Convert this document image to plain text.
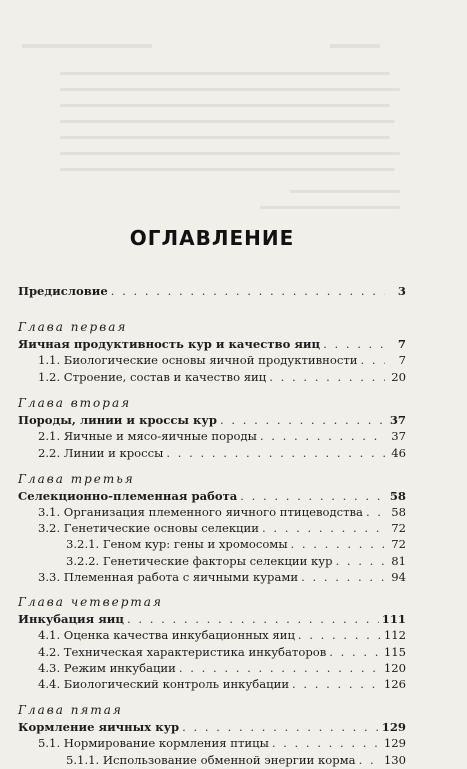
ОГЛАВЛЕНИЕ
Предисловие . . .	3
Глава первая
Яичная продуктивность кур и качество яиц . . .	7
1.1. Биологические основы яичной продуктивности . . .	7
1.2. Строение, состав и качество яиц . . .	20
Глава вторая
Породы, линии и кроссы кур . . .	37
2.1. Яичные и мясо-яичные породы . . .	37
2.2. Линии и кроссы . . .	46
Глава третья
Селекционно-племенная работа . . .	58
3.1. Организация племенного яичного птицеводства . . . 58
3.2. Генетические основы селекции . . .	72
3.2.1. Геном кур: гены и хромосомы . . .	72
3.2.2. Генетические факторы селекции кур . . .	81
3.3. Племенная работа с яичными курами . . .	94
Глава четвертая
Инкубация яиц . . .	111
4.1. Оценка качества инкубационных яиц . . .	112
4.2. Техническая характеристика инкубаторов . . .	115
4.3. Режим инкубации . . .	120
4.4. Биологический контроль инкубации . . .	126
Глава пятая
Кормление яичных кур . . .	129
5.1. Нормирование кормления птицы . . .	129
5.1.1. Использование обменной энергии корма . . . 130
